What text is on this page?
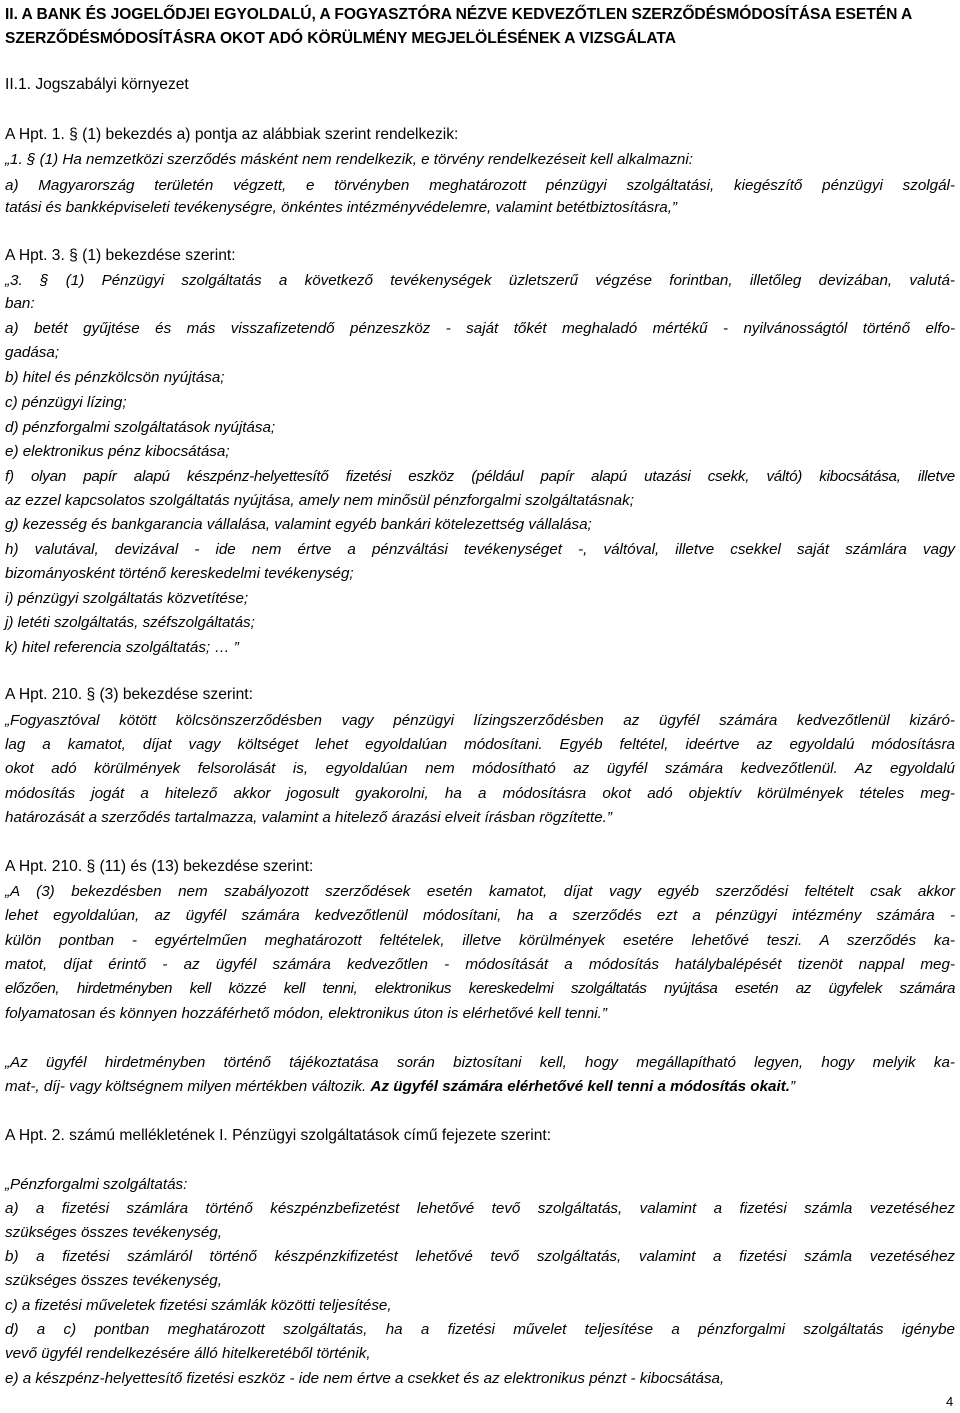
II. A BANK ÉS JOGELŐDJEI EGYOLDALÚ, A FOGYASZTÓRA NÉZVE KEDVEZŐTLEN SZERZŐDÉSMÓDOSÍTÁSA ESETÉN A SZERZŐDÉSMÓDOSÍTÁSRA OKOT ADÓ KÖRÜLMÉNY MEGJELÖLÉSÉNEK A VIZSGÁLATA
II.1. Jogszabályi környezet
A Hpt. 1. § (1) bekezdés a) pontja az alábbiak szerint rendelkezik:
„1. § (1) Ha nemzetközi szerződés másként nem rendelkezik, e törvény rendelkezéseit kell alkalmazni:
a) Magyarország területén végzett, e törvényben meghatározott pénzügyi szolgáltatási, kiegészítő pénzügyi szolgál-
tatási és bankképviseleti tevékenységre, önkéntes intézményvédelemre, valamint betétbiztosításra,”
A Hpt. 3. § (1) bekezdése szerint:
„3. § (1) Pénzügyi szolgáltatás a következő tevékenységek üzletszerű végzése forintban, illetőleg devizában, valutá-
ban:
a) betét gyűjtése és más visszafizetendő pénzeszköz - saját tőkét meghaladó mértékű - nyilvánosságtól történő elfo-
gadása;
b) hitel és pénzkölcsön nyújtása;
c) pénzügyi lízing;
d) pénzforgalmi szolgáltatások nyújtása;
e) elektronikus pénz kibocsátása;
f) olyan papír alapú készpénz-helyettesítő fizetési eszköz (például papír alapú utazási csekk, váltó) kibocsátása, illetve
az ezzel kapcsolatos szolgáltatás nyújtása, amely nem minősül pénzforgalmi szolgáltatásnak;
g) kezesség és bankgarancia vállalása, valamint egyéb bankári kötelezettség vállalása;
h) valutával, devizával - ide nem értve a pénzváltási tevékenységet -, váltóval, illetve csekkel saját számlára vagy
bizományosként történő kereskedelmi tevékenység;
i) pénzügyi szolgáltatás közvetítése;
j) letéti szolgáltatás, széfszolgáltatás;
k) hitel referencia szolgáltatás; … ”
A Hpt. 210. § (3) bekezdése szerint:
„Fogyasztóval kötött kölcsönszerződésben vagy pénzügyi lízingszerződésben az ügyfél számára kedvezőtlenül kizáró-
lag a kamatot, díjat vagy költséget lehet egyoldalúan módosítani. Egyéb feltétel, ideértve az egyoldalú módosításra
okot adó körülmények felsorolását is, egyoldalúan nem módosítható az ügyfél számára kedvezőtlenül. Az egyoldalú
módosítás jogát a hitelező akkor jogosult gyakorolni, ha a módosításra okot adó objektív körülmények tételes meg-
határozását a szerződés tartalmazza, valamint a hitelező árazási elveit írásban rögzítette.”
A Hpt. 210. § (11) és (13) bekezdése szerint:
„A (3) bekezdésben nem szabályozott szerződések esetén kamatot, díjat vagy egyéb szerződési feltételt csak akkor
lehet egyoldalúan, az ügyfél számára kedvezőtlenül módosítani, ha a szerződés ezt a pénzügyi intézmény számára -
külön pontban - egyértelműen meghatározott feltételek, illetve körülmények esetére lehetővé teszi. A szerződés ka-
matot, díjat érintő - az ügyfél számára kedvezőtlen - módosítását a módosítás hatálybalépését tizenöt nappal meg-
előzően, hirdetményben kell közzé kell tenni, elektronikus kereskedelmi szolgáltatás nyújtása esetén az ügyfelek számára
folyamatosan és könnyen hozzáférhető módon, elektronikus úton is elérhetővé kell tenni.”
„Az ügyfél hirdetményben történő tájékoztatása során biztosítani kell, hogy megállapítható legyen, hogy melyik ka-
mat-, díj- vagy költségnem milyen mértékben változik. Az ügyfél számára elérhetővé kell tenni a módosítás okait.”
A Hpt. 2. számú mellékletének I. Pénzügyi szolgáltatások című fejezete szerint:
„Pénzforgalmi szolgáltatás:
a) a fizetési számlára történő készpénzbefizetést lehetővé tevő szolgáltatás, valamint a fizetési számla vezetéséhez
szükséges összes tevékenység,
b) a fizetési számláról történő készpénzkifizetést lehetővé tevő szolgáltatás, valamint a fizetési számla vezetéséhez
szükséges összes tevékenység,
c) a fizetési műveletek fizetési számlák közötti teljesítése,
d) a c) pontban meghatározott szolgáltatás, ha a fizetési művelet teljesítése a pénzforgalmi szolgáltatás igénybe
vevő ügyfél rendelkezésére álló hitelkeretéből történik,
e) a készpénz-helyettesítő fizetési eszköz - ide nem értve a csekket és az elektronikus pénzt - kibocsátása,
4
